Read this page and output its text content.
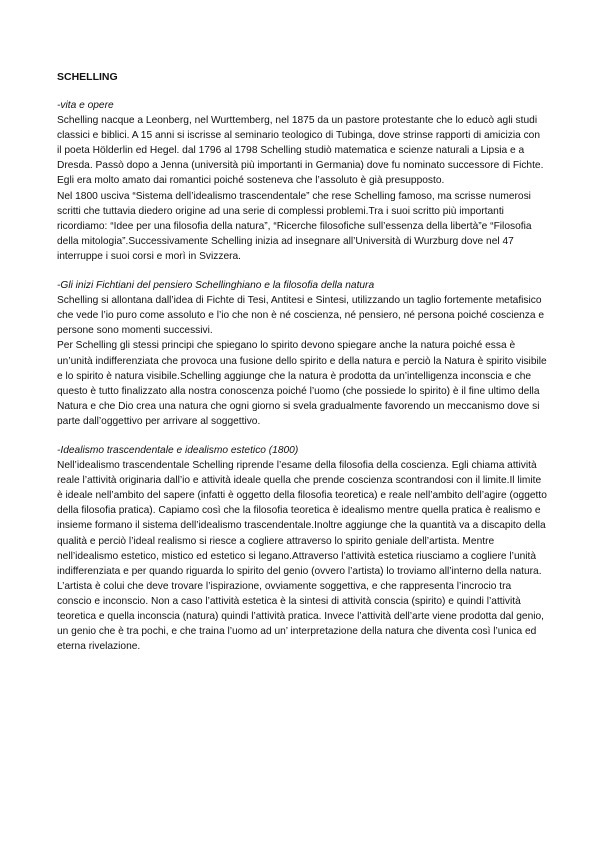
SCHELLING
-vita e opere

Schelling nacque a Leonberg, nel Wurttemberg, nel 1875 da un pastore protestante che lo educò agli studi classici e biblici. A 15 anni si iscrisse al seminario teologico di Tubinga, dove strinse rapporti di amicizia con il poeta Hölderlin ed Hegel. dal 1796 al 1798 Schelling studiò matematica e scienze naturali a Lipsia e a Dresda. Passò dopo a Jenna (università più importanti in Germania) dove fu nominato successore di Fichte. Egli era molto amato dai romantici poiché sosteneva che l’assoluto è già presupposto.

Nel 1800 usciva “Sistema dell’idealismo trascendentale” che rese Schelling famoso, ma scrisse numerosi scritti che tuttavia diedero origine ad una serie di complessi problemi.Tra i suoi scritto più importanti ricordiamo: “Idee per una filosofia della natura”, “Ricerche filosofiche sull’essenza della libertà”e “Filosofia della mitologia”.Successivamente Schelling inizia ad insegnare all’Università di Wurzburg dove nel 47 interruppe i suoi corsi e morì in Svizzera.

-Gli inizi Fichtiani del pensiero Schellinghiano e la filosofia della natura

Schelling si allontana dall’idea di Fichte di Tesi, Antitesi e Sintesi, utilizzando un taglio fortemente metafisico che vede l’io puro come assoluto e l’io che non è né coscienza, né pensiero, né persona poiché coscienza e persone sono momenti successivi.

Per Schelling gli stessi principi che spiegano lo spirito devono spiegare anche la natura poiché essa è un’unità indifferenziata che provoca una fusione dello spirito e della natura e perciò la Natura è spirito visibile e lo spirito è natura visibile.Schelling aggiunge che la natura è prodotta da un’intelligenza inconscia e che questo è tutto finalizzato alla nostra conoscenza poiché l’uomo (che possiede lo spirito) è il fine ultimo della Natura e che Dio crea una natura che ogni giorno si svela gradualmente favorendo un meccanismo dove si parte dall’oggettivo per arrivare al soggettivo.

-Idealismo trascendentale e idealismo estetico (1800)

Nell’idealismo trascendentale Schelling riprende l’esame della filosofia della coscienza. Egli chiama attività reale l’attività originaria dall’io e attività ideale quella che prende coscienza scontrandosi con il limite.Il limite è ideale nell’ambito del sapere (infatti è oggetto della filosofia teoretica) e reale nell’ambito dell’agire (oggetto della filosofia pratica). Capiamo così che la filosofia teoretica è idealismo mentre quella pratica è realismo e insieme formano il sistema dell’idealismo trascendentale.Inoltre aggiunge che la quantità va a discapito della qualità e perciò l’ideal realismo si riesce a cogliere attraverso lo spirito geniale dell’artista. Mentre nell’idealismo estetico, mistico ed estetico si legano.Attraverso l’attività estetica riusciamo a cogliere l’unità indifferenziata e per quando riguarda lo spirito del genio (ovvero l’artista) lo troviamo all’interno della natura. L’artista è colui che deve trovare l’ispirazione, ovviamente soggettiva, e che rappresenta l’incrocio tra conscio e inconscio. Non a caso l’attività estetica è la sintesi di attività conscia (spirito) e quindi l’attività teoretica e quella inconscia (natura) quindi l’attività pratica. Invece l’attività dell’arte viene prodotta dal genio, un genio che è tra pochi, e che traina l’uomo ad un’ interpretazione della natura che diventa così l’unica ed eterna rivelazione.
